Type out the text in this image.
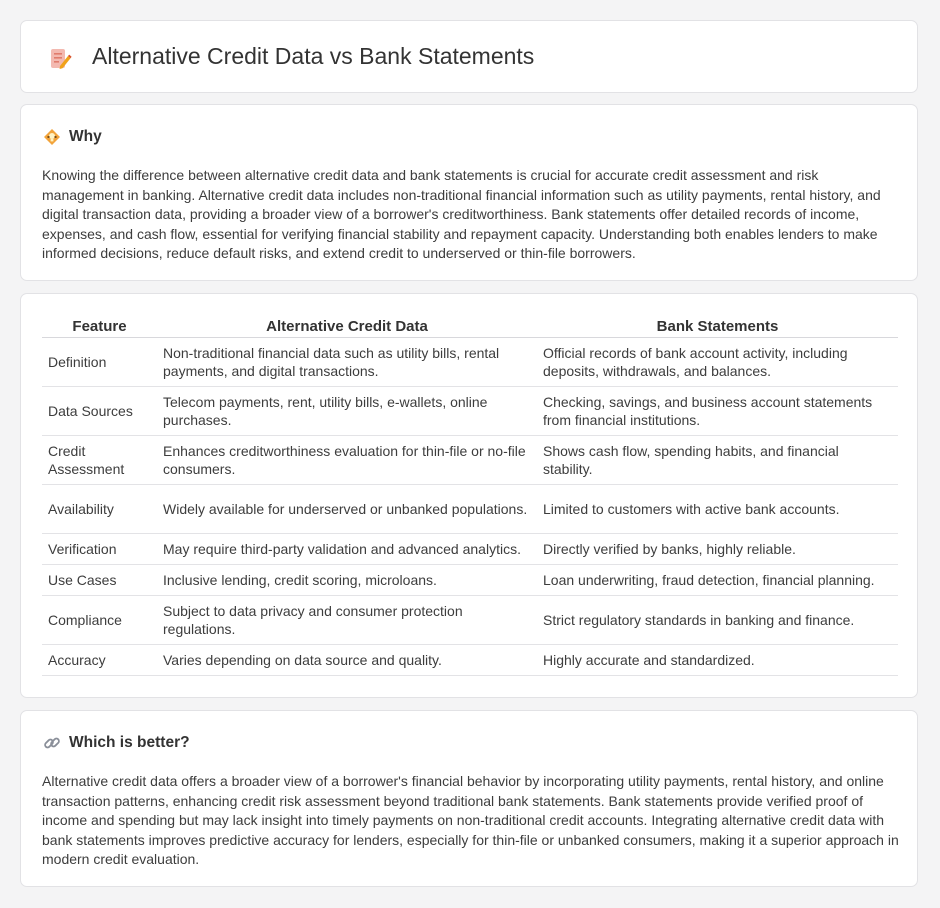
Alternative Credit Data vs Bank Statements
Why

Knowing the difference between alternative credit data and bank statements is crucial for accurate credit assessment and risk management in banking. Alternative credit data includes non-traditional financial information such as utility payments, rental history, and digital transaction data, providing a broader view of a borrower's creditworthiness. Bank statements offer detailed records of income, expenses, and cash flow, essential for verifying financial stability and repayment capacity. Understanding both enables lenders to make informed decisions, reduce default risks, and extend credit to underserved or thin-file borrowers.

Feature	Alternative Credit Data	Bank Statements
Definition	Non-traditional financial data such as utility bills, rental payments, and digital transactions.	Official records of bank account activity, including deposits, withdrawals, and balances.
Data Sources	Telecom payments, rent, utility bills, e-wallets, online purchases.	Checking, savings, and business account statements from financial institutions.
Credit Assessment	Enhances creditworthiness evaluation for thin-file or no-file consumers.	Shows cash flow, spending habits, and financial stability.
Availability	Widely available for underserved or unbanked populations.	Limited to customers with active bank accounts.
Verification	May require third-party validation and advanced analytics.	Directly verified by banks, highly reliable.
Use Cases	Inclusive lending, credit scoring, microloans.	Loan underwriting, fraud detection, financial planning.
Compliance	Subject to data privacy and consumer protection regulations.	Strict regulatory standards in banking and finance.
Accuracy	Varies depending on data source and quality.	Highly accurate and standardized.
Which is better?

Alternative credit data offers a broader view of a borrower's financial behavior by incorporating utility payments, rental history, and online transaction patterns, enhancing credit risk assessment beyond traditional bank statements. Bank statements provide verified proof of income and spending but may lack insight into timely payments on non-traditional credit accounts. Integrating alternative credit data with bank statements improves predictive accuracy for lenders, especially for thin-file or unbanked consumers, making it a superior approach in modern credit evaluation.
